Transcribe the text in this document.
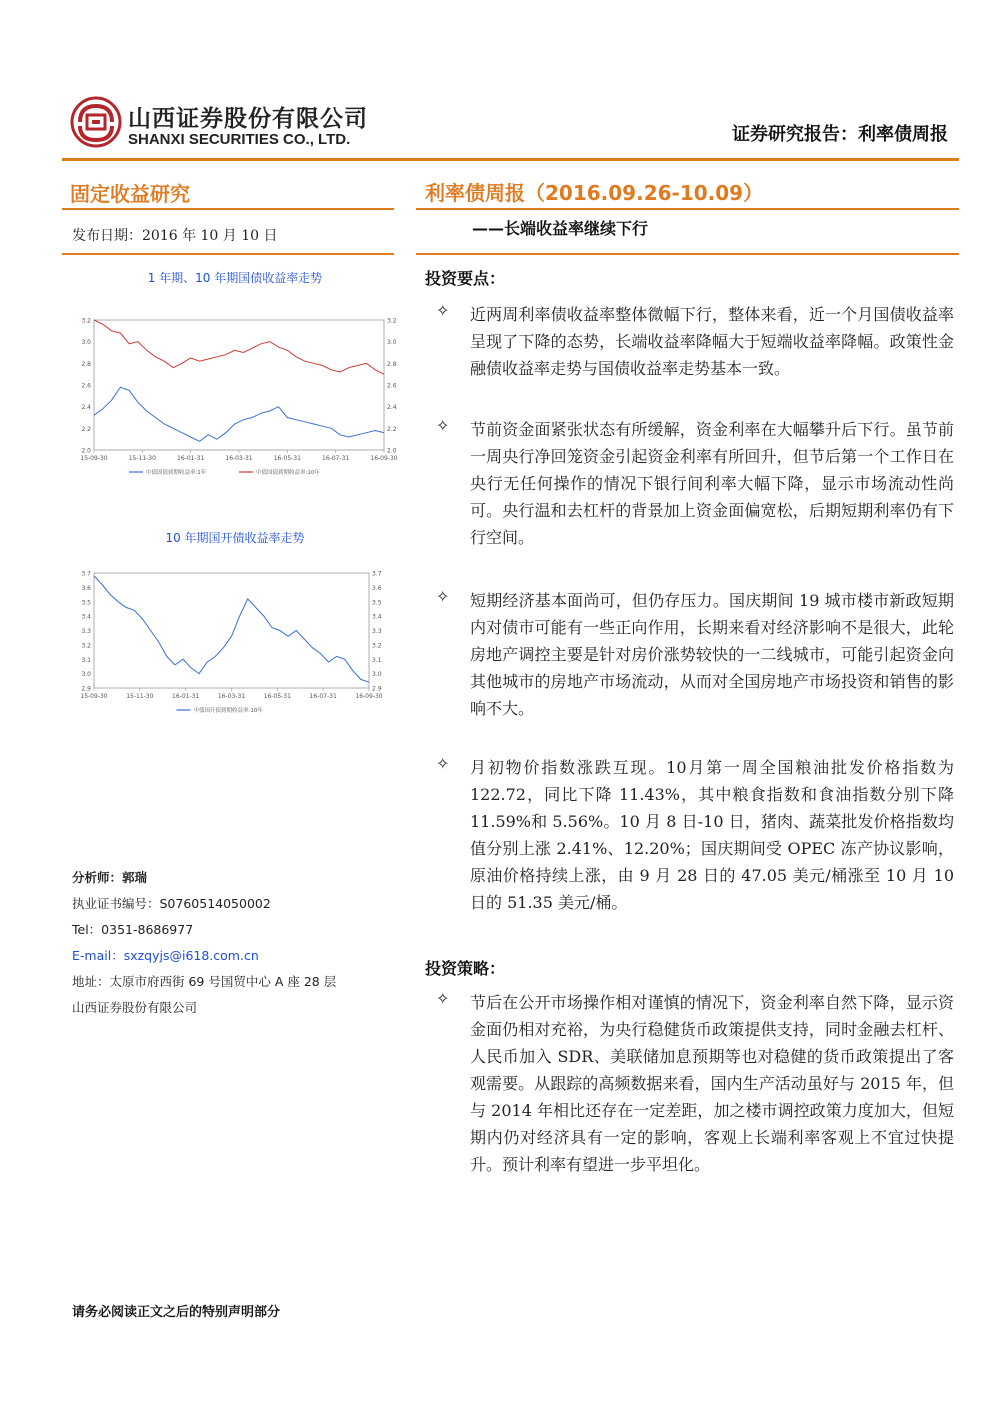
山西证券股份有限公司
SHANXI SECURITIES CO., LTD.	证券研究报告：利率债周报
固定收益研究
发布日期：2016 年 10 月 10 日
利率债周报（2016.09.26-10.09）
——长端收益率继续下行
1 年期、10 年期国债收益率走势
3.2
3.0
2.8
2.6
2.4
2.2
2.0
3.2
3.0
2.8
2.6
2.4
2.2
2.0
15-09-30	15-11-30	16-01-31	16-03-31	16-05-31	16-07-31	16-09-30
中债国债到期收益率:1年	中债国债到期收益率:10年
10 年期国开债收益率走势
3.7
3.6
3.5
3.4
3.3
3.2
3.1
3.0
2.9
3.7
3.6
3.5
3.4
3.3
3.2
3.1
3.0
2.9
15-09-30	15-11-30	16-01-31	16-03-31	16-05-31	16-07-31	16-09-30
中债国开债到期收益率:10年
分析师：郭瑞
执业证书编号：S0760514050002
Tel：0351-8686977
E-mail：sxzqyjs@i618.com.cn
地址：太原市府西街 69 号国贸中心 A 座 28 层
山西证券股份有限公司
投资要点：
✧ 近两周利率债收益率整体微幅下行，整体来看，近一个月国债收益率呈现了下降的态势，长端收益率降幅大于短端收益率降幅。政策性金融债收益率走势与国债收益率走势基本一致。
✧ 节前资金面紧张状态有所缓解，资金利率在大幅攀升后下行。虽节前一周央行净回笼资金引起资金利率有所回升，但节后第一个工作日在央行无任何操作的情况下银行间利率大幅下降，显示市场流动性尚可。央行温和去杠杆的背景加上资金面偏宽松，后期短期利率仍有下行空间。
✧ 短期经济基本面尚可，但仍存压力。国庆期间 19 城市楼市新政短期内对债市可能有一些正向作用，长期来看对经济影响不是很大，此轮房地产调控主要是针对房价涨势较快的一二线城市，可能引起资金向其他城市的房地产市场流动，从而对全国房地产市场投资和销售的影响不大。
✧ 月初物价指数涨跌互现。10月第一周全国粮油批发价格指数为 122.72，同比下降 11.43%，其中粮食指数和食油指数分别下降 11.59%和 5.56%。10 月 8 日-10 日，猪肉、蔬菜批发价格指数均值分别上涨 2.41%、12.20%；国庆期间受 OPEC 冻产协议影响，原油价格持续上涨，由 9 月 28 日的 47.05 美元/桶涨至 10 月 10 日的 51.35 美元/桶。
投资策略：
✧ 节后在公开市场操作相对谨慎的情况下，资金利率自然下降，显示资金面仍相对充裕，为央行稳健货币政策提供支持，同时金融去杠杆、人民币加入 SDR、美联储加息预期等也对稳健的货币政策提出了客观需要。从跟踪的高频数据来看，国内生产活动虽好与 2015 年，但与 2014 年相比还存在一定差距，加之楼市调控政策力度加大，但短期内仍对经济具有一定的影响，客观上长端利率客观上不宜过快提升。预计利率有望进一步平坦化。
请务必阅读正文之后的特别声明部分
